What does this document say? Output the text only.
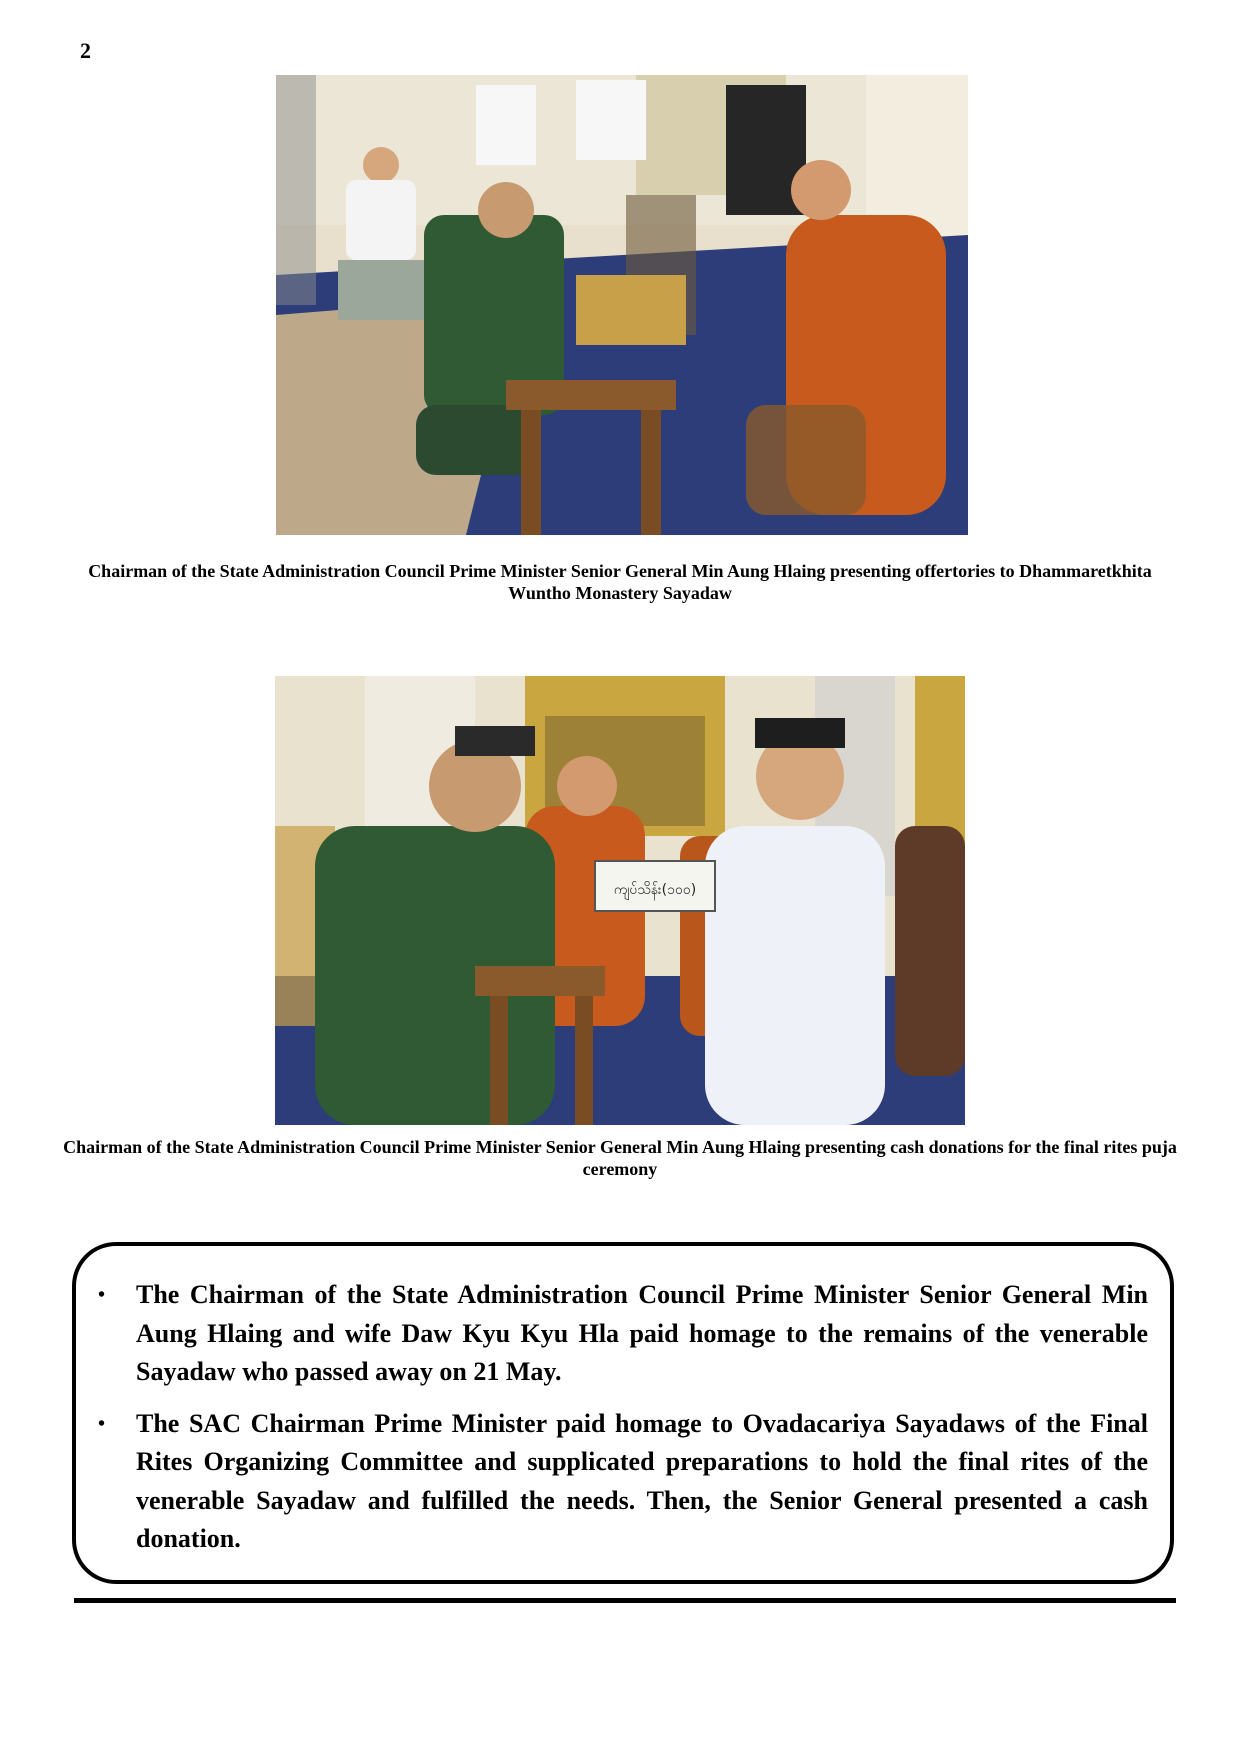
2
Chairman of the State Administration Council Prime Minister Senior General Min Aung Hlaing presenting offertories to Dhammaretkhita Wuntho Monastery Sayadaw
ကျပ်သိန်း(၁၀၀)
Chairman of the State Administration Council Prime Minister Senior General Min Aung Hlaing presenting cash donations for the final rites puja ceremony
• The Chairman of the State Administration Council Prime Minister Senior General Min Aung Hlaing and wife Daw Kyu Kyu Hla paid homage to the remains of the venerable Sayadaw who passed away on 21 May.
• The SAC Chairman Prime Minister paid homage to Ovadacariya Sayadaws of the Final Rites Organizing Committee and supplicated preparations to hold the final rites of the venerable Sayadaw and fulfilled the needs. Then, the Senior General presented a cash donation.
